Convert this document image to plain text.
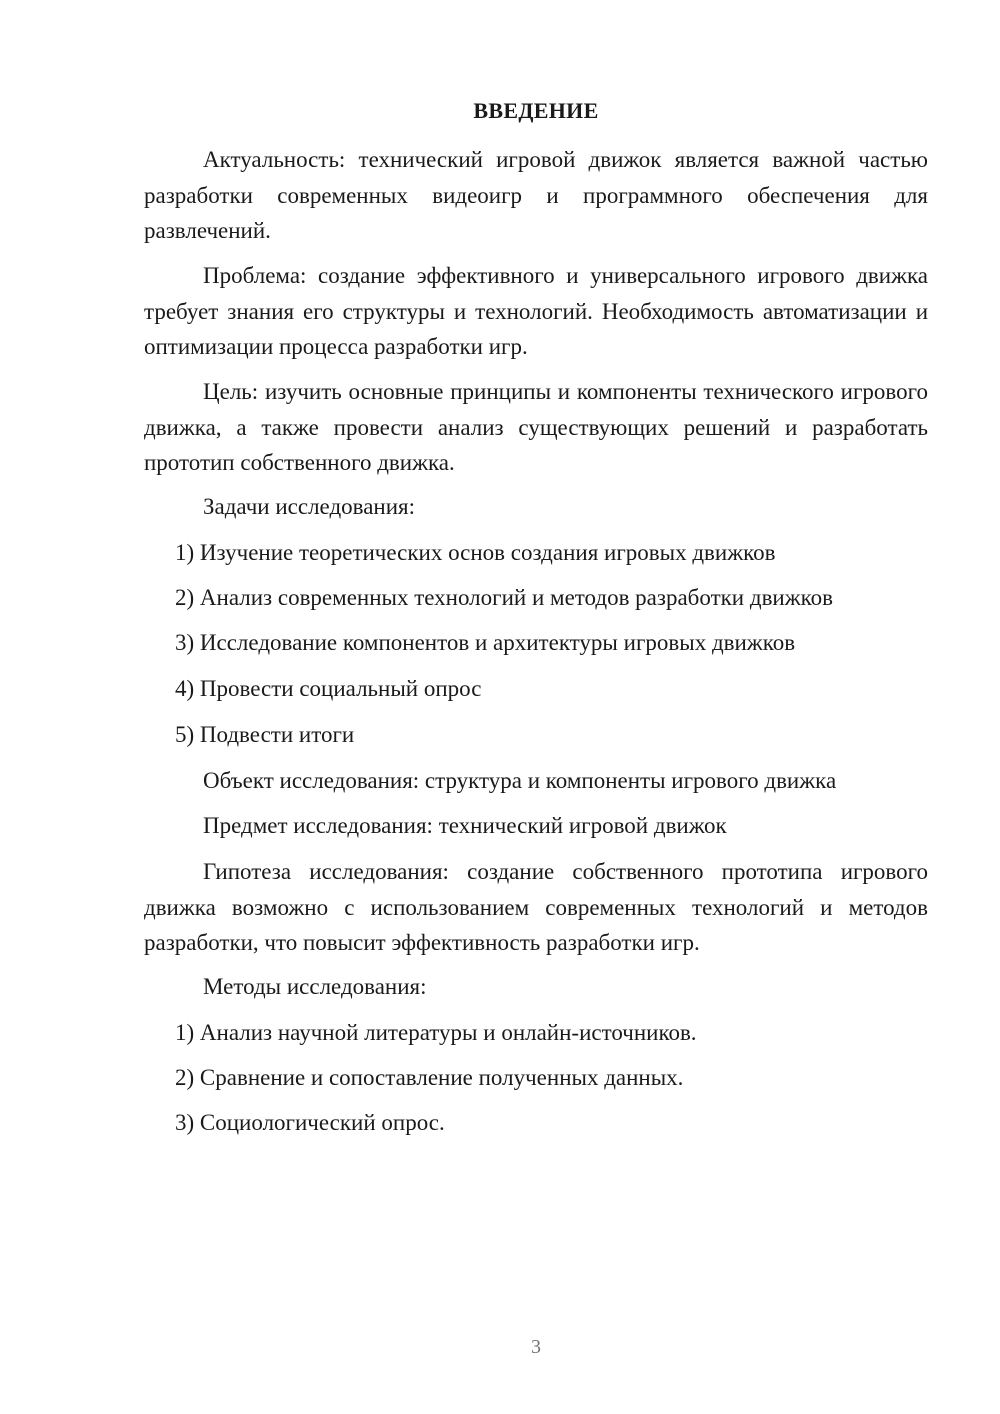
ВВЕДЕНИЕ

Актуальность: технический игровой движок является важной частью разработки современных видеоигр и программного обеспечения для развлечений.

Проблема: создание эффективного и универсального игрового движка требует знания его структуры и технологий. Необходимость автоматизации и оптимизации процесса разработки игр.

Цель: изучить основные принципы и компоненты технического игрового движка, а также провести анализ существующих решений и разработать прототип собственного движка.

Задачи исследования:

1) Изучение теоретических основ создания игровых движков

2) Анализ современных технологий и методов разработки движков

3) Исследование компонентов и архитектуры игровых движков

4) Провести социальный опрос

5) Подвести итоги

Объект исследования: структура и компоненты игрового движка

Предмет исследования: технический игровой движок

Гипотеза исследования: создание собственного прототипа игрового движка возможно с использованием современных технологий и методов разработки, что повысит эффективность разработки игр.

Методы исследования:

1) Анализ научной литературы и онлайн-источников.

2) Сравнение и сопоставление полученных данных.

3) Социологический опрос.

3
